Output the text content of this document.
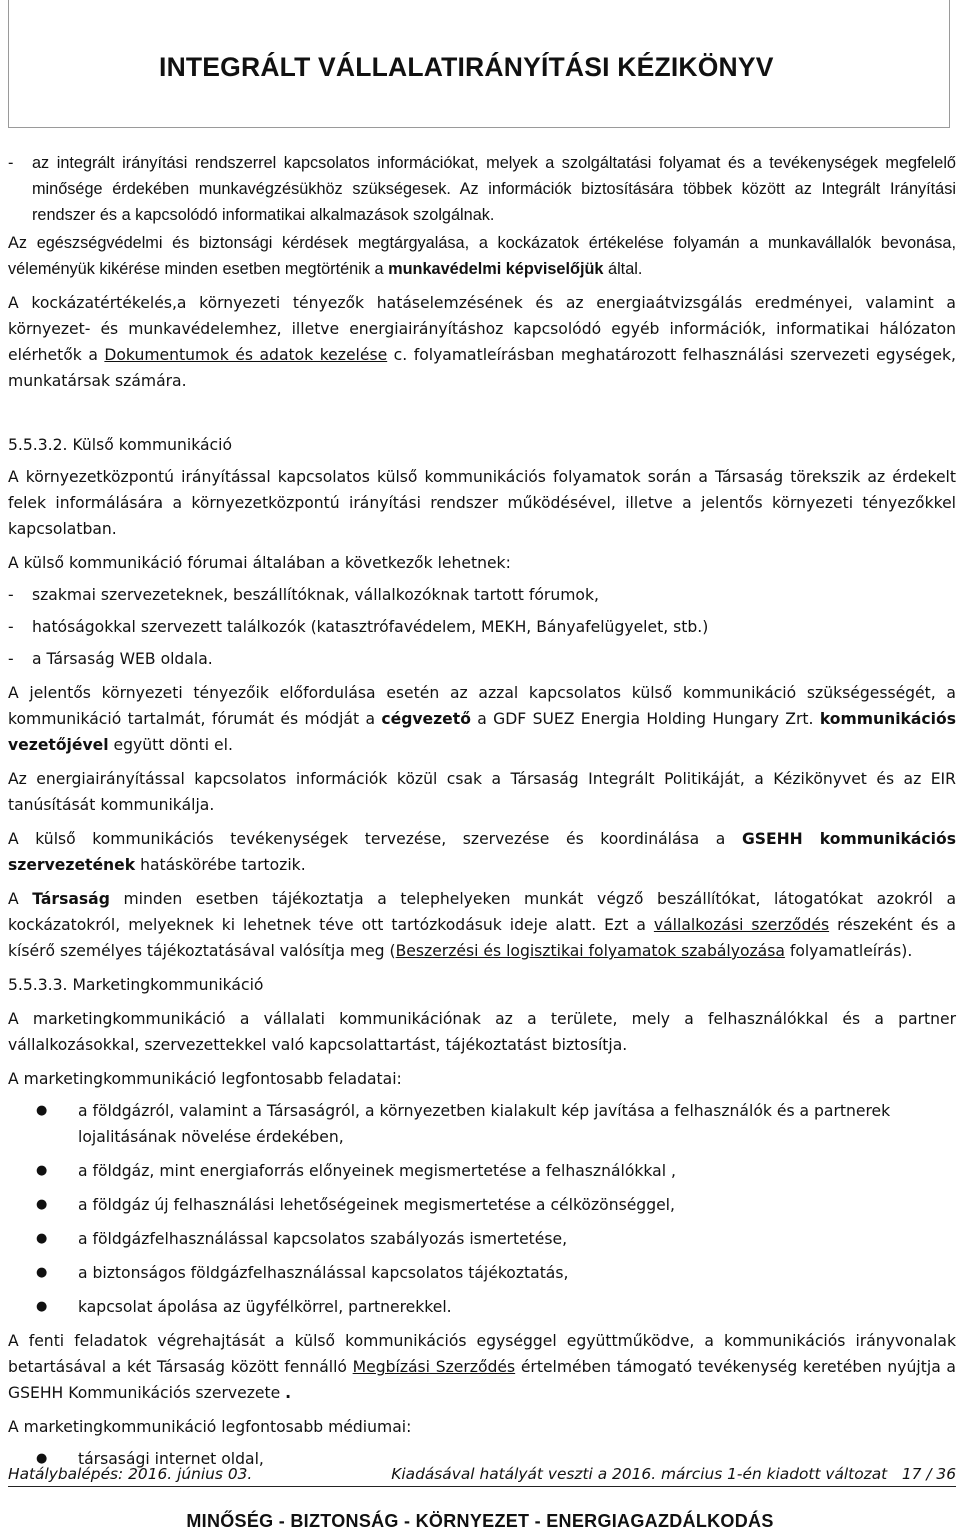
INTEGRÁLT VÁLLALATIRÁNYÍTÁSI KÉZIKÖNYV
-	az integrált irányítási rendszerrel kapcsolatos információkat, melyek a szolgáltatási folyamat és a tevékenységek megfelelő minősége érdekében munkavégzésükhöz szükségesek. Az információk biztosítására többek között az Integrált Irányítási rendszer és a kapcsolódó informatikai alkalmazások szolgálnak.

Az egészségvédelmi és biztonsági kérdések megtárgyalása, a kockázatok értékelése folyamán a munkavállalók bevonása, véleményük kikérése minden esetben megtörténik a munkavédelmi képviselőjük által.

A kockázatértékelés,a környezeti tényezők hatáselemzésének és az energiaátvizsgálás eredményei, valamint a környezet- és munkavédelemhez, illetve energiairányításhoz kapcsolódó egyéb információk, informatikai hálózaton elérhetők a Dokumentumok és adatok kezelése c. folyamatleírásban meghatározott felhasználási szervezeti egységek, munkatársak számára.

5.5.3.2. Külső kommunikáció

A környezetközpontú irányítással kapcsolatos külső kommunikációs folyamatok során a Társaság törekszik az érdekelt felek informálására a környezetközpontú irányítási rendszer működésével, illetve a jelentős környezeti tényezőkkel kapcsolatban.

A külső kommunikáció fórumai általában a következők lehetnek:

-	szakmai szervezeteknek, beszállítóknak, vállalkozóknak tartott fórumok,
-	hatóságokkal szervezett találkozók (katasztrófavédelem, MEKH, Bányafelügyelet, stb.)
-	a Társaság WEB oldala.

A jelentős környezeti tényezőik előfordulása esetén az azzal kapcsolatos külső kommunikáció szükségességét, a kommunikáció tartalmát, fórumát és módját a cégvezető a GDF SUEZ Energia Holding Hungary Zrt. kommunikációs vezetőjével együtt dönti el.

Az energiairányítással kapcsolatos információk közül csak a Társaság Integrált Politikáját, a Kézikönyvet és az EIR tanúsítását kommunikálja.

A külső kommunikációs tevékenységek tervezése, szervezése és koordinálása a GSEHH kommunikációs szervezetének hatáskörébe tartozik.

A Társaság minden esetben tájékoztatja a telephelyeken munkát végző beszállítókat, látogatókat azokról a kockázatokról, melyeknek ki lehetnek téve ott tartózkodásuk ideje alatt. Ezt a vállalkozási szerződés részeként és a kísérő személyes tájékoztatásával valósítja meg (Beszerzési és logisztikai folyamatok szabályozása folyamatleírás).

5.5.3.3. Marketingkommunikáció

A marketingkommunikáció a vállalati kommunikációnak az a területe, mely a felhasználókkal és a partner vállalkozásokkal, szervezettekkel való kapcsolattartást, tájékoztatást biztosítja.

A marketingkommunikáció legfontosabb feladatai:

●	a földgázról, valamint a Társaságról, a környezetben kialakult kép javítása a felhasználók és a partnerek lojalitásának növelése érdekében,
●	a földgáz, mint energiaforrás előnyeinek megismertetése a felhasználókkal ,
●	a földgáz új felhasználási lehetőségeinek megismertetése a célközönséggel,
●	a földgázfelhasználással kapcsolatos szabályozás ismertetése,
●	a biztonságos földgázfelhasználással kapcsolatos tájékoztatás,
●	kapcsolat ápolása az ügyfélkörrel, partnerekkel.

A fenti feladatok végrehajtását a külső kommunikációs egységgel együttműködve, a kommunikációs irányvonalak betartásával a két Társaság között fennálló Megbízási Szerződés értelmében támogató tevékenység keretében nyújtja a GSEHH Kommunikációs szervezete .

A marketingkommunikáció legfontosabb médiumai:

●	társasági internet oldal,
Hatálybalépés: 2016. június 03.	Kiadásával hatályát veszti a 2016. március 1-én kiadott változat   17 / 36
MINŐSÉG - BIZTONSÁG - KÖRNYEZET - ENERGIAGAZDÁLKODÁS
